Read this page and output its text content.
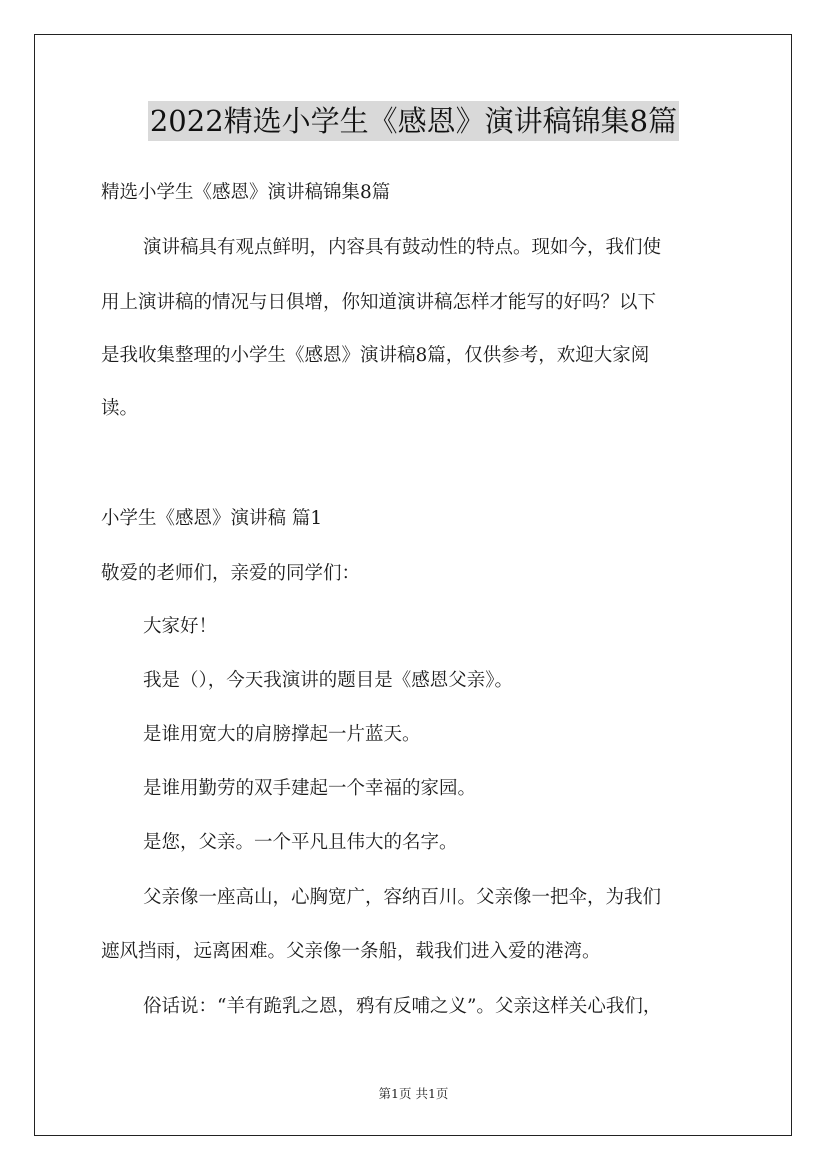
2022精选小学生《感恩》演讲稿锦集8篇
精选小学生《感恩》演讲稿锦集8篇
演讲稿具有观点鲜明，内容具有鼓动性的特点。现如今，我们使
用上演讲稿的情况与日俱增，你知道演讲稿怎样才能写的好吗？以下
是我收集整理的小学生《感恩》演讲稿8篇，仅供参考，欢迎大家阅
读。
小学生《感恩》演讲稿 篇1
敬爱的老师们，亲爱的同学们：
大家好！
我是（），今天我演讲的题目是《感恩父亲》。
是谁用宽大的肩膀撑起一片蓝天。
是谁用勤劳的双手建起一个幸福的家园。
是您，父亲。一个平凡且伟大的名字。
父亲像一座高山，心胸宽广，容纳百川。父亲像一把伞，为我们
遮风挡雨，远离困难。父亲像一条船，载我们进入爱的港湾。
俗话说：“羊有跪乳之恩，鸦有反哺之义”。父亲这样关心我们，
第1页 共1页
